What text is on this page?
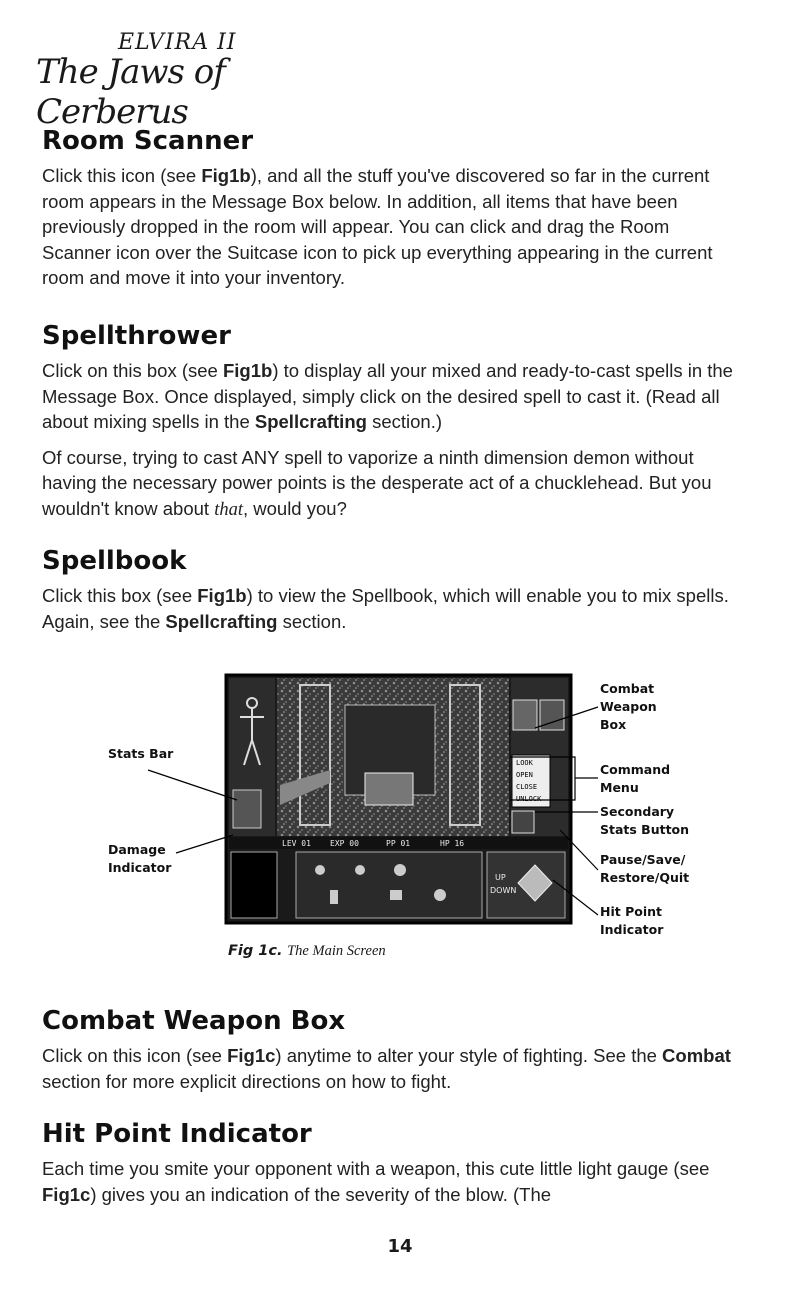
ELVIRA II
The Jaws of Cerberus
Room Scanner

Click this icon (see Fig1b), and all the stuff you've discovered so far in the current room appears in the Message Box below. In addition, all items that have been previously dropped in the room will appear. You can click and drag the Room Scanner icon over the Suitcase icon to pick up everything appearing in the current room and move it into your inventory.

Spellthrower

Click on this box (see Fig1b) to display all your mixed and ready-to-cast spells in the Message Box. Once displayed, simply click on the desired spell to cast it. (Read all about mixing spells in the Spellcrafting section.)

Of course, trying to cast ANY spell to vaporize a ninth dimension demon without having the necessary power points is the desperate act of a chucklehead. But you wouldn't know about that, would you?

Spellbook

Click this box (see Fig1b) to view the Spellbook, which will enable you to mix spells. Again, see the Spellcrafting section.

LOOK
OPEN
CLOSE
UNLOCK
LEV 01 EXP 00	PP 01	HP 16
UP
DOWN
Stats Bar
Damage Indicator
Combat Weapon Box
Command Menu
Secondary Stats Button
Pause/Save/ Restore/Quit
Hit Point Indicator
Fig 1c. The Main Screen
Combat Weapon Box

Click on this icon (see Fig1c) anytime to alter your style of fighting. See the Combat section for more explicit directions on how to fight.

Hit Point Indicator

Each time you smite your opponent with a weapon, this cute little light gauge (see Fig1c) gives you an indication of the severity of the blow. (The

14
